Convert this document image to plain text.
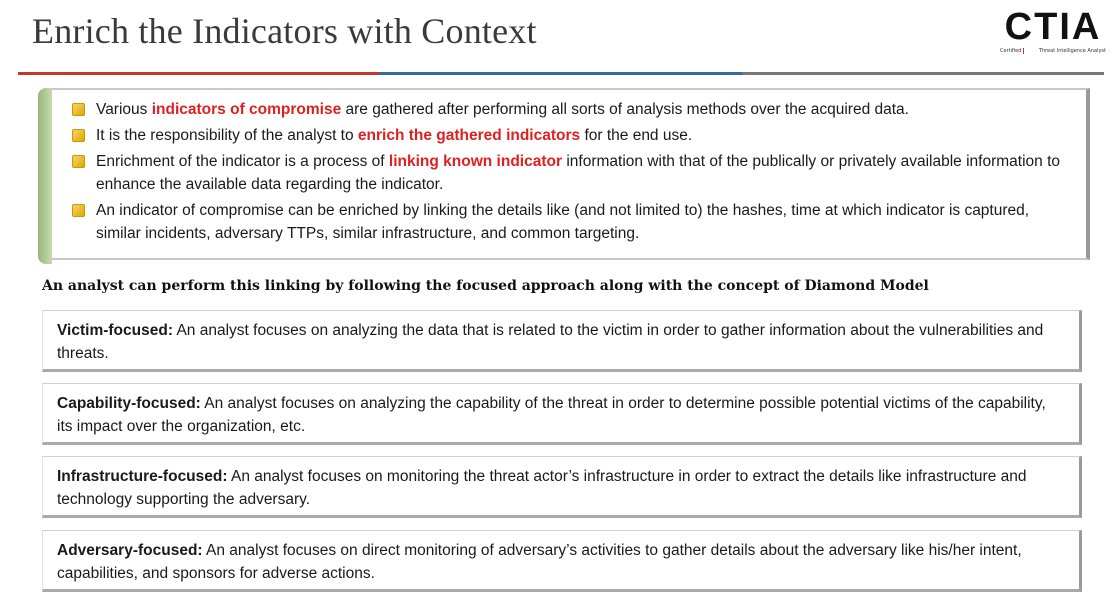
Enrich the Indicators with Context	C TIA
Certified	Threat Intelligence Analyst
Various indicators of compromise are gathered after performing all sorts of analysis methods over the acquired data.
It is the responsibility of the analyst to enrich the gathered indicators for the end use.
Enrichment of the indicator is a process of linking known indicator information with that of the publically or privately available information to enhance the available data regarding the indicator.
An indicator of compromise can be enriched by linking the details like (and not limited to) the hashes, time at which indicator is captured, similar incidents, adversary TTPs, similar infrastructure, and common targeting.
An analyst can perform this linking by following the focused approach along with the concept of Diamond Model
Victim-focused: An analyst focuses on analyzing the data that is related to the victim in order to gather information about the vulnerabilities and threats.
Capability-focused: An analyst focuses on analyzing the capability of the threat in order to determine possible potential victims of the capability, its impact over the organization, etc.
Infrastructure-focused: An analyst focuses on monitoring the threat actor’s infrastructure in order to extract the details like infrastructure and technology supporting the adversary.
Adversary-focused: An analyst focuses on direct monitoring of adversary’s activities to gather details about the adversary like his/her intent, capabilities, and sponsors for adverse actions.
